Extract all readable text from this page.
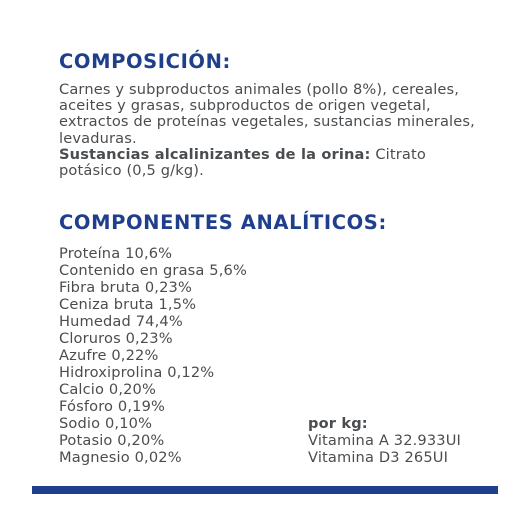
COMPOSICIÓN:

Carnes y subproductos animales (pollo 8%), cereales, aceites y grasas, subproductos de origen vegetal, extractos de proteínas vegetales, sustancias minerales, levaduras.

Sustancias alcalinizantes de la orina: Citrato potásico (0,5 g/kg).

COMPONENTES ANALÍTICOS:
Proteína 10,6%
Contenido en grasa 5,6%
Fibra bruta 0,23%
Ceniza bruta 1,5%
Humedad 74,4%
Cloruros 0,23%
Azufre 0,22%
Hidroxiprolina 0,12%
Calcio 0,20%
Fósforo 0,19%
Sodio 0,10%
Potasio 0,20%
Magnesio 0,02%
por kg:
Vitamina A 32.933UI
Vitamina D3 265UI
